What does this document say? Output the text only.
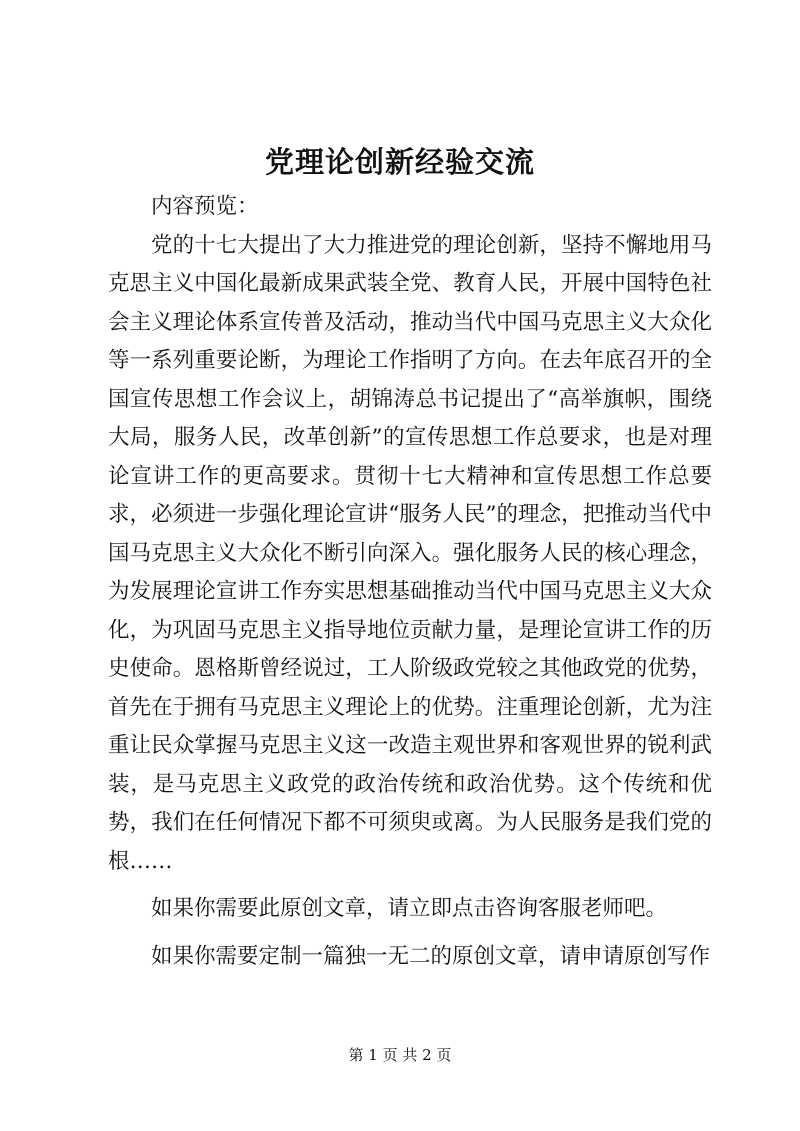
党理论创新经验交流

内容预览：

党的十七大提出了大力推进党的理论创新，坚持不懈地用马克思主义中国化最新成果武装全党、教育人民，开展中国特色社会主义理论体系宣传普及活动，推动当代中国马克思主义大众化等一系列重要论断，为理论工作指明了方向。在去年底召开的全国宣传思想工作会议上，胡锦涛总书记提出了“高举旗帜，围绕大局，服务人民，改革创新”的宣传思想工作总要求，也是对理论宣讲工作的更高要求。贯彻十七大精神和宣传思想工作总要求，必须进一步强化理论宣讲“服务人民”的理念，把推动当代中国马克思主义大众化不断引向深入。强化服务人民的核心理念，为发展理论宣讲工作夯实思想基础推动当代中国马克思主义大众化，为巩固马克思主义指导地位贡献力量，是理论宣讲工作的历史使命。恩格斯曾经说过，工人阶级政党较之其他政党的优势，首先在于拥有马克思主义理论上的优势。注重理论创新，尤为注重让民众掌握马克思主义这一改造主观世界和客观世界的锐利武装，是马克思主义政党的政治传统和政治优势。这个传统和优势，我们在任何情况下都不可须臾或离。为人民服务是我们党的根……

如果你需要此原创文章，请立即点击咨询客服老师吧。

如果你需要定制一篇独一无二的原创文章，请申请原创写作

第 1 页 共 2 页
